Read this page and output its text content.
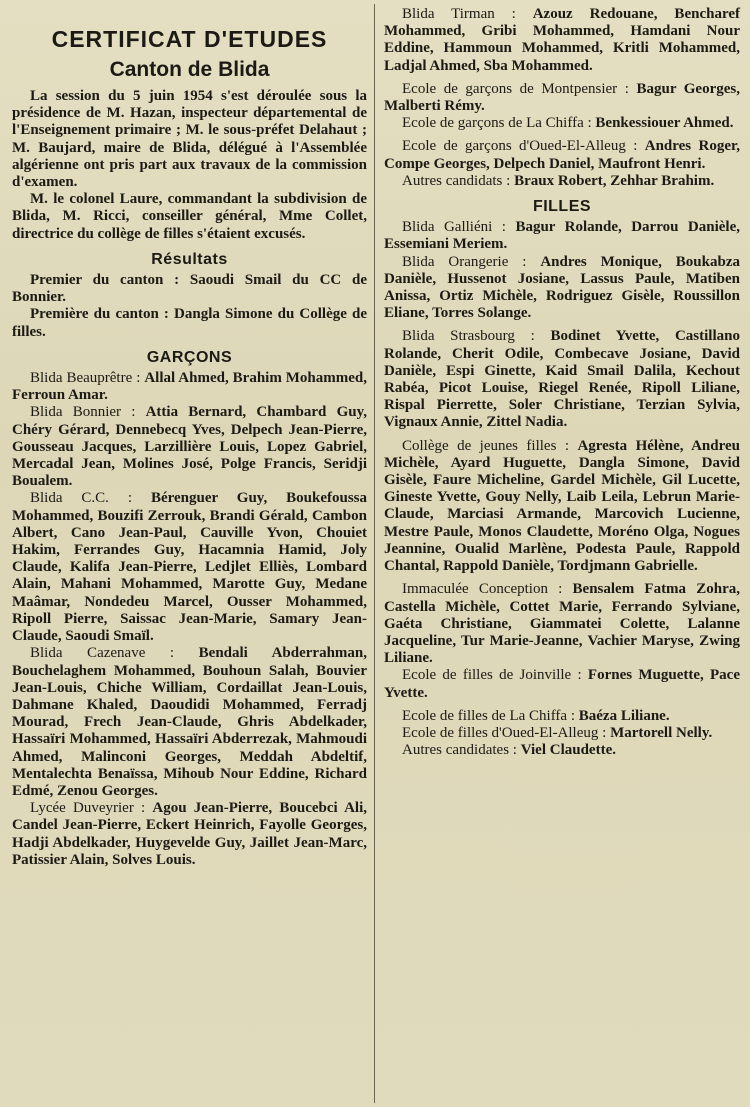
CERTIFICAT D'ETUDES
Canton de Blida

La session du 5 juin 1954 s'est déroulée sous la présidence de M. Hazan, inspecteur départemental de l'Enseignement primaire ; M. le sous-préfet Delahaut ; M. Baujard, maire de Blida, délégué à l'Assemblée algérienne ont pris part aux travaux de la commission d'examen.

M. le colonel Laure, commandant la subdivision de Blida, M. Ricci, conseiller général, Mme Collet, directrice du collège de filles s'étaient excusés.

Résultats

Premier du canton : Saoudi Smail du CC de Bonnier.

Première du canton : Dangla Simone du Collège de filles.

GARÇONS

Blida Beauprêtre : Allal Ahmed, Brahim Mohammed, Ferroun Amar.

Blida Bonnier : Attia Bernard, Chambard Guy, Chéry Gérard, Dennebecq Yves, Delpech Jean-Pierre, Gousseau Jacques, Larzillière Louis, Lopez Gabriel, Mercadal Jean, Molines José, Polge Francis, Seridji Boualem.

Blida C.C. : Bérenguer Guy, Boukefoussa Mohammed, Bouzifi Zerrouk, Brandi Gérald, Cambon Albert, Cano Jean-Paul, Cauville Yvon, Chouiet Hakim, Ferrandes Guy, Hacamnia Hamid, Joly Claude, Kalifa Jean-Pierre, Ledjlet Elliès, Lombard Alain, Mahani Mohammed, Marotte Guy, Medane Maâmar, Nondedeu Marcel, Ousser Mohammed, Ripoll Pierre, Saissac Jean-Marie, Samary Jean-Claude, Saoudi Smaïl.

Blida Cazenave : Bendali Abderrahman, Bouchelaghem Mohammed, Bouhoun Salah, Bouvier Jean-Louis, Chiche William, Cordaillat Jean-Louis, Dahmane Khaled, Daoudidi Mohammed, Ferradj Mourad, Frech Jean-Claude, Ghris Abdelkader, Hassaïri Mohammed, Hassaïri Abderrezak, Mahmoudi Ahmed, Malinconi Georges, Meddah Abdeltif, Mentalechta Benaïssa, Mihoub Nour Eddine, Richard Edmé, Zenou Georges.

Lycée Duveyrier : Agou Jean-Pierre, Boucebci Ali, Candel Jean-Pierre, Eckert Heinrich, Fayolle Georges, Hadji Abdelkader, Huygevelde Guy, Jaillet Jean-Marc, Patissier Alain, Solves Louis.

Blida Tirman : Azouz Redouane, Bencharef Mohammed, Gribi Mohammed, Hamdani Nour Eddine, Hammoun Mohammed, Kritli Mohammed, Ladjal Ahmed, Sba Mohammed.

Ecole de garçons de Montpensier : Bagur Georges, Malberti Rémy.

Ecole de garçons de La Chiffa : Benkessiouer Ahmed.

Ecole de garçons d'Oued-El-Alleug : Andres Roger, Compe Georges, Delpech Daniel, Maufront Henri.

Autres candidats : Braux Robert, Zehhar Brahim.

FILLES

Blida Galliéni : Bagur Rolande, Darrou Danièle, Essemiani Meriem.

Blida Orangerie : Andres Monique, Boukabza Danièle, Hussenot Josiane, Lassus Paule, Matiben Anissa, Ortiz Michèle, Rodriguez Gisèle, Roussillon Eliane, Torres Solange.

Blida Strasbourg : Bodinet Yvette, Castillano Rolande, Cherit Odile, Combecave Josiane, David Danièle, Espi Ginette, Kaid Smail Dalila, Kechout Rabéa, Picot Louise, Riegel Renée, Ripoll Liliane, Rispal Pierrette, Soler Christiane, Terzian Sylvia, Vignaux Annie, Zittel Nadia.

Collège de jeunes filles : Agresta Hélène, Andreu Michèle, Ayard Huguette, Dangla Simone, David Gisèle, Faure Micheline, Gardel Michèle, Gil Lucette, Gineste Yvette, Gouy Nelly, Laib Leila, Lebrun Marie-Claude, Marciasi Armande, Marcovich Lucienne, Mestre Paule, Monos Claudette, Moréno Olga, Nogues Jeannine, Oualid Marlène, Podesta Paule, Rappold Chantal, Rappold Danièle, Tordjmann Gabrielle.

Immaculée Conception : Bensalem Fatma Zohra, Castella Michèle, Cottet Marie, Ferrando Sylviane, Gaéta Christiane, Giammatei Colette, Lalanne Jacqueline, Tur Marie-Jeanne, Vachier Maryse, Zwing Liliane.

Ecole de filles de Joinville : Fornes Muguette, Pace Yvette.

Ecole de filles de La Chiffa : Baéza Liliane.

Ecole de filles d'Oued-El-Alleug : Martorell Nelly.

Autres candidates : Viel Claudette.
